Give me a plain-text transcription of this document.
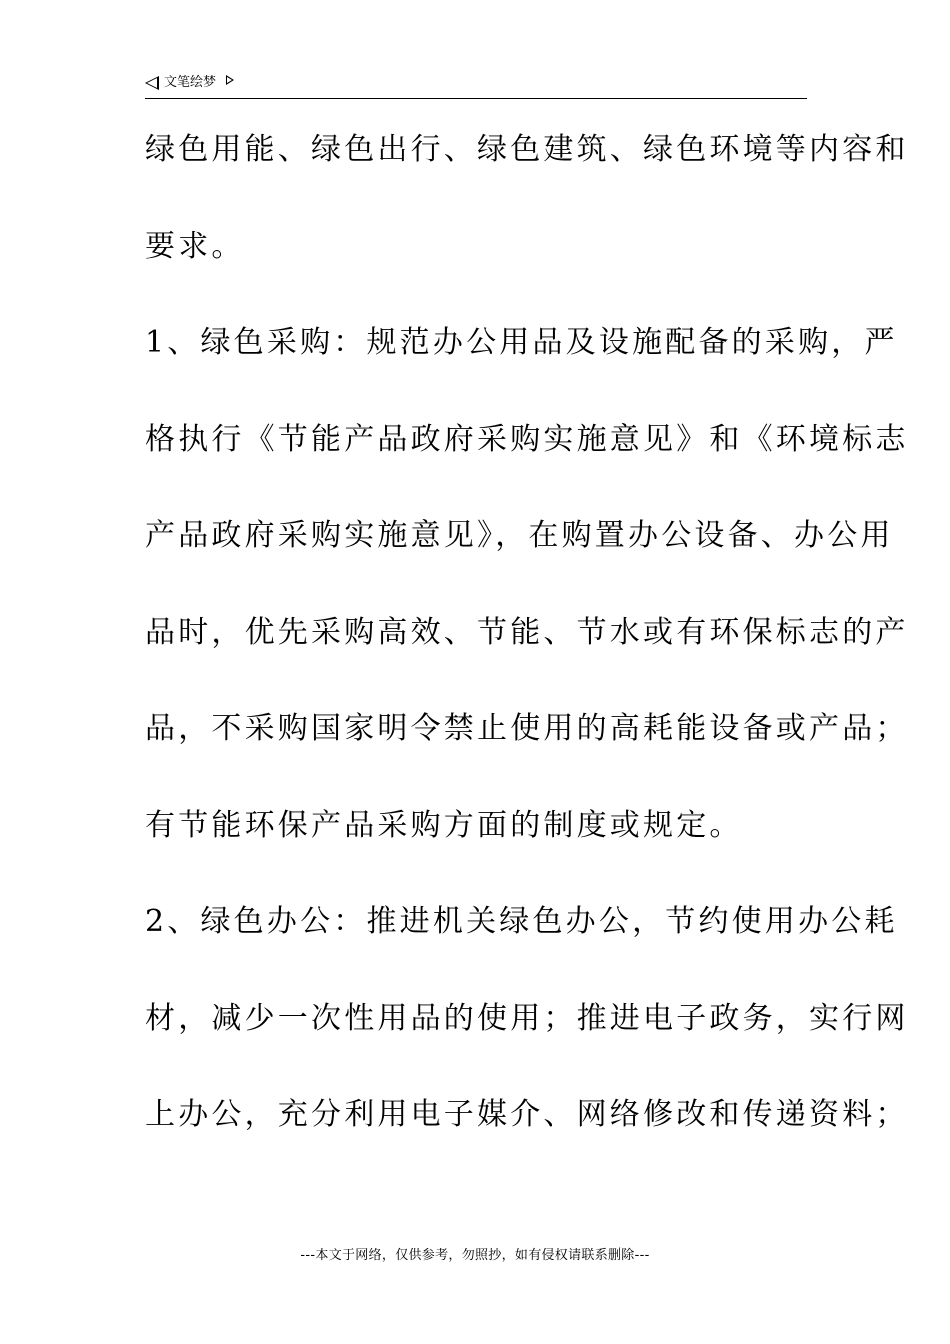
文笔绘梦
绿色用能、绿色出行、绿色建筑、绿色环境等内容和
要求。
1、绿色采购：规范办公用品及设施配备的采购，严
格执行《节能产品政府采购实施意见》和《环境标志
产品政府采购实施意见》，在购置办公设备、办公用
品时，优先采购高效、节能、节水或有环保标志的产
品，不采购国家明令禁止使用的高耗能设备或产品；
有节能环保产品采购方面的制度或规定。
2、绿色办公：推进机关绿色办公，节约使用办公耗
材，减少一次性用品的使用；推进电子政务，实行网
上办公，充分利用电子媒介、网络修改和传递资料；
---本文于网络，仅供参考，勿照抄，如有侵权请联系删除---
